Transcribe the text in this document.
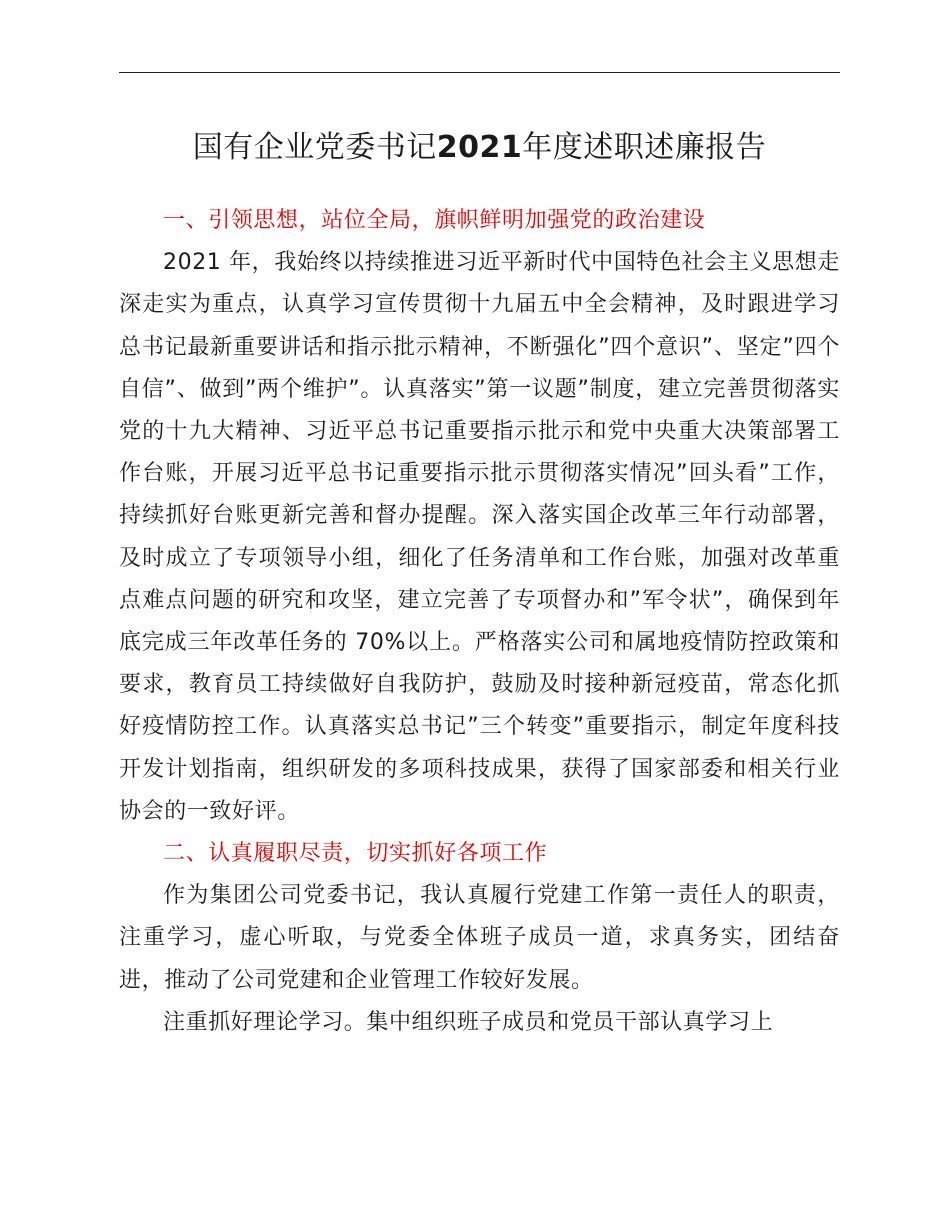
国有企业党委书记2021年度述职述廉报告

一、引领思想，站位全局，旗帜鲜明加强党的政治建设

2021 年，我始终以持续推进习近平新时代中国特色社会主义思想走深走实为重点，认真学习宣传贯彻十九届五中全会精神，及时跟进学习总书记最新重要讲话和指示批示精神，不断强化”四个意识”、坚定”四个自信”、做到”两个维护”。认真落实”第一议题”制度，建立完善贯彻落实党的十九大精神、习近平总书记重要指示批示和党中央重大决策部署工作台账，开展习近平总书记重要指示批示贯彻落实情况”回头看”工作，持续抓好台账更新完善和督办提醒。深入落实国企改革三年行动部署，及时成立了专项领导小组，细化了任务清单和工作台账，加强对改革重点难点问题的研究和攻坚，建立完善了专项督办和”军令状”，确保到年底完成三年改革任务的 70%以上。严格落实公司和属地疫情防控政策和要求，教育员工持续做好自我防护，鼓励及时接种新冠疫苗，常态化抓好疫情防控工作。认真落实总书记”三个转变”重要指示，制定年度科技开发计划指南，组织研发的多项科技成果，获得了国家部委和相关行业协会的一致好评。

二、认真履职尽责，切实抓好各项工作

作为集团公司党委书记，我认真履行党建工作第一责任人的职责，注重学习，虚心听取，与党委全体班子成员一道，求真务实，团结奋进，推动了公司党建和企业管理工作较好发展。

注重抓好理论学习。集中组织班子成员和党员干部认真学习上
